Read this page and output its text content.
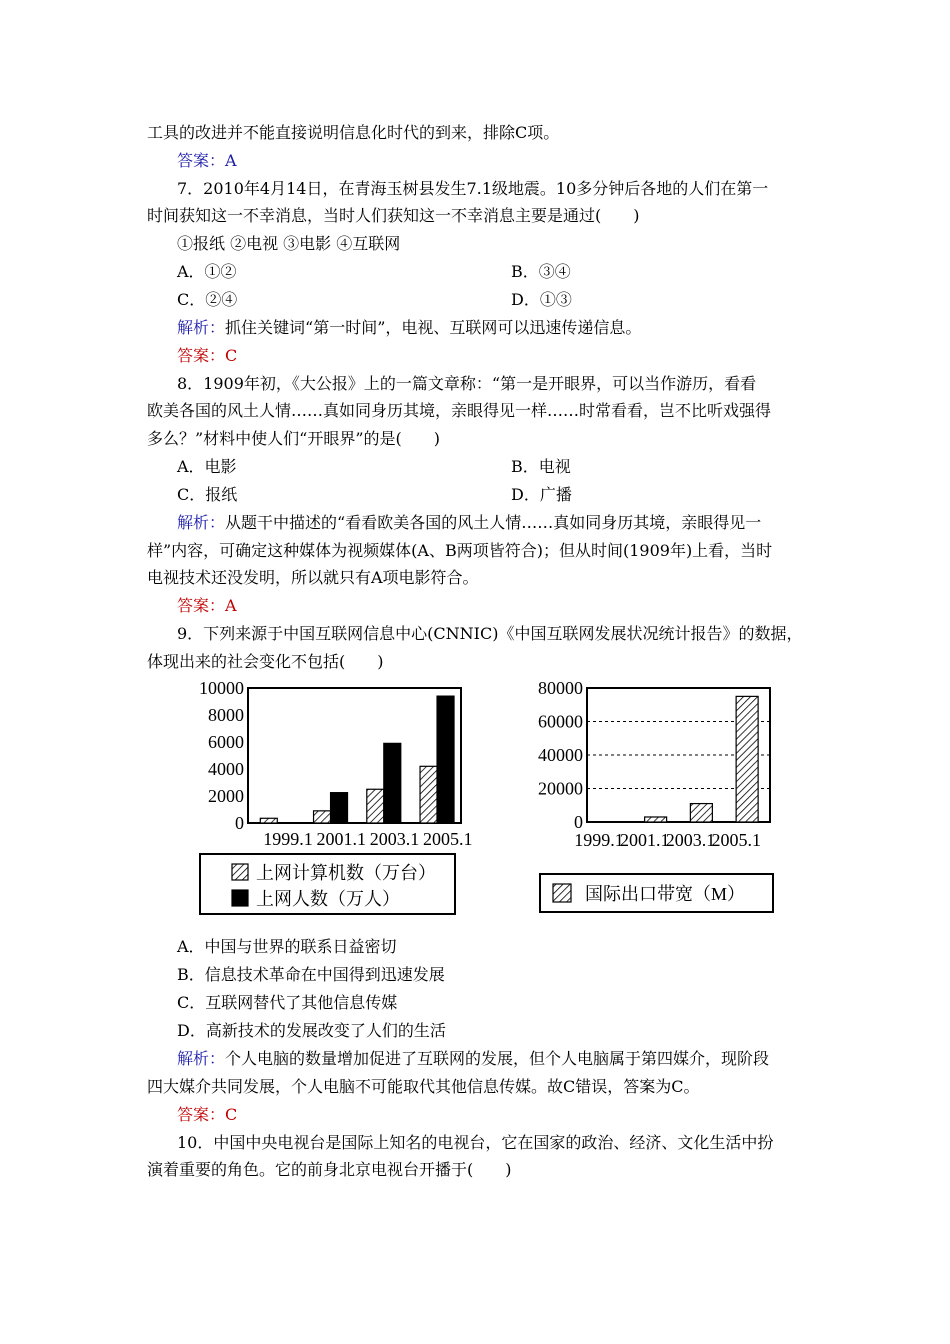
工具的改进并不能直接说明信息化时代的到来，排除C项。
答案：A
7．2010年4月14日，在青海玉树县发生7.1级地震。10多分钟后各地的人们在第一
时间获知这一不幸消息，当时人们获知这一不幸消息主要是通过(　　)
①报纸 ②电视 ③电影 ④互联网
A．①②	B．③④
C．②④	D．①③
解析：抓住关键词“第一时间”，电视、互联网可以迅速传递信息。
答案：C
8．1909年初，《大公报》上的一篇文章称：“第一是开眼界，可以当作游历，看看
欧美各国的风土人情……真如同身历其境，亲眼得见一样……时常看看，岂不比听戏强得
多么？”材料中使人们“开眼界”的是(　　)
A．电影	B．电视
C．报纸	D．广播
解析：从题干中描述的“看看欧美各国的风土人情……真如同身历其境，亲眼得见一
样”内容，可确定这种媒体为视频媒体(A、B两项皆符合)；但从时间(1909年)上看，当时
电视技术还没发明，所以就只有A项电影符合。
答案：A
9．下列来源于中国互联网信息中心(CNNIC)《中国互联网发展状况统计报告》的数据，
体现出来的社会变化不包括(　　)
0
2000
4000
6000
8000
10000
1999.1 2001.1 2003.1 2005.1
上网计算机数（万台）
上网人数（万人）
0
20000
40000
60000
80000
1999.1
2001.1
2003.1
2005.1
国际出口带宽（M）
A．中国与世界的联系日益密切
B．信息技术革命在中国得到迅速发展
C．互联网替代了其他信息传媒
D．高新技术的发展改变了人们的生活
解析：个人电脑的数量增加促进了互联网的发展，但个人电脑属于第四媒介，现阶段
四大媒介共同发展，个人电脑不可能取代其他信息传媒。故C错误，答案为C。
答案：C
10．中国中央电视台是国际上知名的电视台，它在国家的政治、经济、文化生活中扮
演着重要的角色。它的前身北京电视台开播于(　　)
